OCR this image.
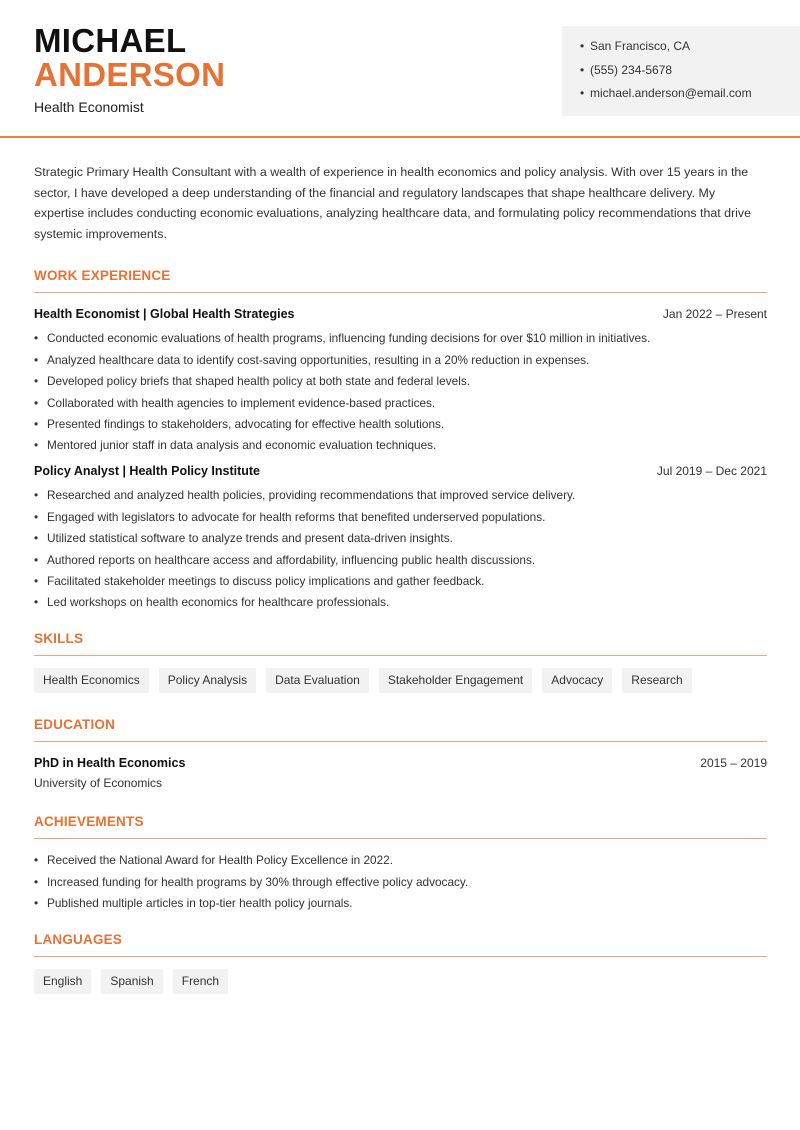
MICHAEL
ANDERSON
Health Economist
• San Francisco, CA
• (555) 234-5678
• michael.anderson@email.com

Strategic Primary Health Consultant with a wealth of experience in health economics and policy analysis. With over 15 years in the sector, I have developed a deep understanding of the financial and regulatory landscapes that shape healthcare delivery. My expertise includes conducting economic evaluations, analyzing healthcare data, and formulating policy recommendations that drive systemic improvements.

WORK EXPERIENCE
Health Economist | Global Health Strategies	Jan 2022 – Present
• Conducted economic evaluations of health programs, influencing funding decisions for over $10 million in initiatives.
• Analyzed healthcare data to identify cost-saving opportunities, resulting in a 20% reduction in expenses.
• Developed policy briefs that shaped health policy at both state and federal levels.
• Collaborated with health agencies to implement evidence-based practices.
• Presented findings to stakeholders, advocating for effective health solutions.
• Mentored junior staff in data analysis and economic evaluation techniques.
Policy Analyst | Health Policy Institute	Jul 2019 – Dec 2021
• Researched and analyzed health policies, providing recommendations that improved service delivery.
• Engaged with legislators to advocate for health reforms that benefited underserved populations.
• Utilized statistical software to analyze trends and present data-driven insights.
• Authored reports on healthcare access and affordability, influencing public health discussions.
• Facilitated stakeholder meetings to discuss policy implications and gather feedback.
• Led workshops on health economics for healthcare professionals.
SKILLS
Health Economics	Policy Analysis	Data Evaluation	Stakeholder Engagement	Advocacy	Research
EDUCATION
PhD in Health Economics	2015 – 2019
University of Economics
ACHIEVEMENTS
• Received the National Award for Health Policy Excellence in 2022.
• Increased funding for health programs by 30% through effective policy advocacy.
• Published multiple articles in top-tier health policy journals.
LANGUAGES
English	Spanish	French
